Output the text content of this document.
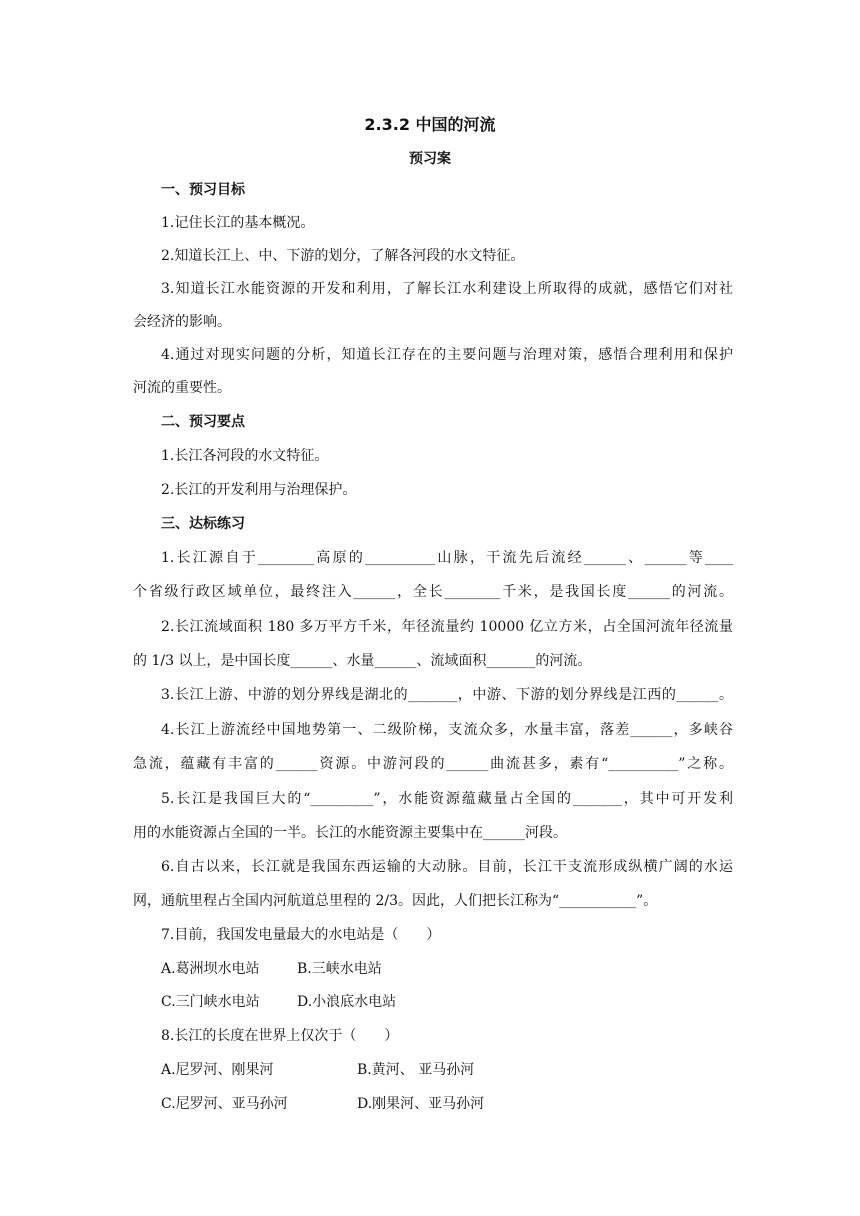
2.3.2 中国的河流
预习案
一、预习目标
1.记住长江的基本概况。
2.知道长江上、中、下游的划分，了解各河段的水文特征。
3.知道长江水能资源的开发和利用，了解长江水利建设上所取得的成就，感悟它们对社
会经济的影响。
4.通过对现实问题的分析，知道长江存在的主要问题与治理对策，感悟合理利用和保护
河流的重要性。
二、预习要点
1.长江各河段的水文特征。
2.长江的开发利用与治理保护。
三、达标练习
1.长江源自于________高原的__________山脉，干流先后流经______、______等____
个省级行政区域单位，最终注入______，全长________千米，是我国长度______的河流。
2.长江流域面积 180 多万平方千米，年径流量约 10000 亿立方米，占全国河流年径流量
的 1/3 以上，是中国长度______、水量______、流域面积_______的河流。
3.长江上游、中游的划分界线是湖北的_______，中游、下游的划分界线是江西的______。
4.长江上游流经中国地势第一、二级阶梯，支流众多，水量丰富，落差______，多峡谷
急流，蕴藏有丰富的______资源。中游河段的______曲流甚多，素有“__________”之称。
5.长江是我国巨大的“_________”，水能资源蕴藏量占全国的_______，其中可开发利
用的水能资源占全国的一半。长江的水能资源主要集中在______河段。
6.自古以来，长江就是我国东西运输的大动脉。目前，长江干支流形成纵横广阔的水运
网，通航里程占全国内河航道总里程的 2/3。因此，人们把长江称为“___________”。
7.目前，我国发电量最大的水电站是（　　）
A.葛洲坝水电站	B.三峡水电站
C.三门峡水电站	D.小浪底水电站
8.长江的长度在世界上仅次于（　　）
A.尼罗河、刚果河	B.黄河、 亚马孙河
C.尼罗河、亚马孙河	D.刚果河、亚马孙河
